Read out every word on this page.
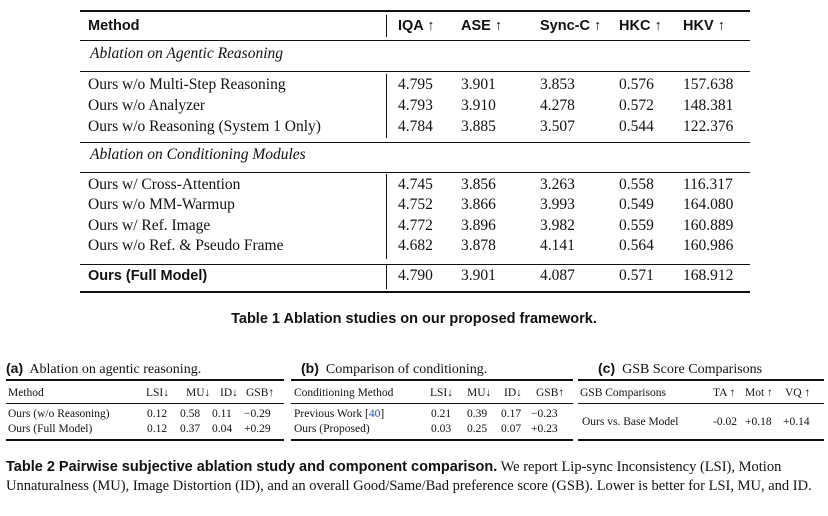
Method	IQA ↑ ASE ↑	Sync-C ↑ HKC ↑ HKV ↑
Ablation on Agentic Reasoning
Ours w/o Multi-Step Reasoning	4.795 3.901	3.853	0.576 157.638
Ours w/o Analyzer	4.793 3.910	4.278	0.572 148.381
Ours w/o Reasoning (System 1 Only)	4.784 3.885	3.507	0.544 122.376
Ablation on Conditioning Modules
Ours w/ Cross-Attention	4.745 3.856	3.263	0.558 116.317
Ours w/o MM-Warmup	4.752 3.866	3.993	0.549 164.080
Ours w/ Ref. Image	4.772 3.896	3.982	0.559 160.889
Ours w/o Ref. & Pseudo Frame	4.682 3.878	4.141	0.564 160.986
Ours (Full Model)	4.790 3.901	4.087	0.571 168.912
Table 1 Ablation studies on our proposed framework.
(a) Ablation on agentic reasoning.
Method	LSI↓ MU↓ ID↓ GSB↑
Ours (w/o Reasoning)	0.12 0.58 0.11 −0.29
Ours (Full Model)	0.12 0.37 0.04 +0.29
(b) Comparison of conditioning.
Conditioning Method	LSI↓ MU↓ ID↓ GSB↑
Previous Work [40]	0.21 0.39 0.17 −0.23
Ours (Proposed)	0.03 0.25 0.07 +0.23
(c) GSB Score Comparisons
GSB Comparisons	TA ↑ Mot ↑ VQ ↑
Ours vs. Base Model	-0.02 +0.18 +0.14
Table 2 Pairwise subjective ablation study and component comparison. We report Lip-sync Inconsistency (LSI), Motion Unnaturalness (MU), Image Distortion (ID), and an overall Good/Same/Bad preference score (GSB). Lower is better for LSI, MU, and ID.
